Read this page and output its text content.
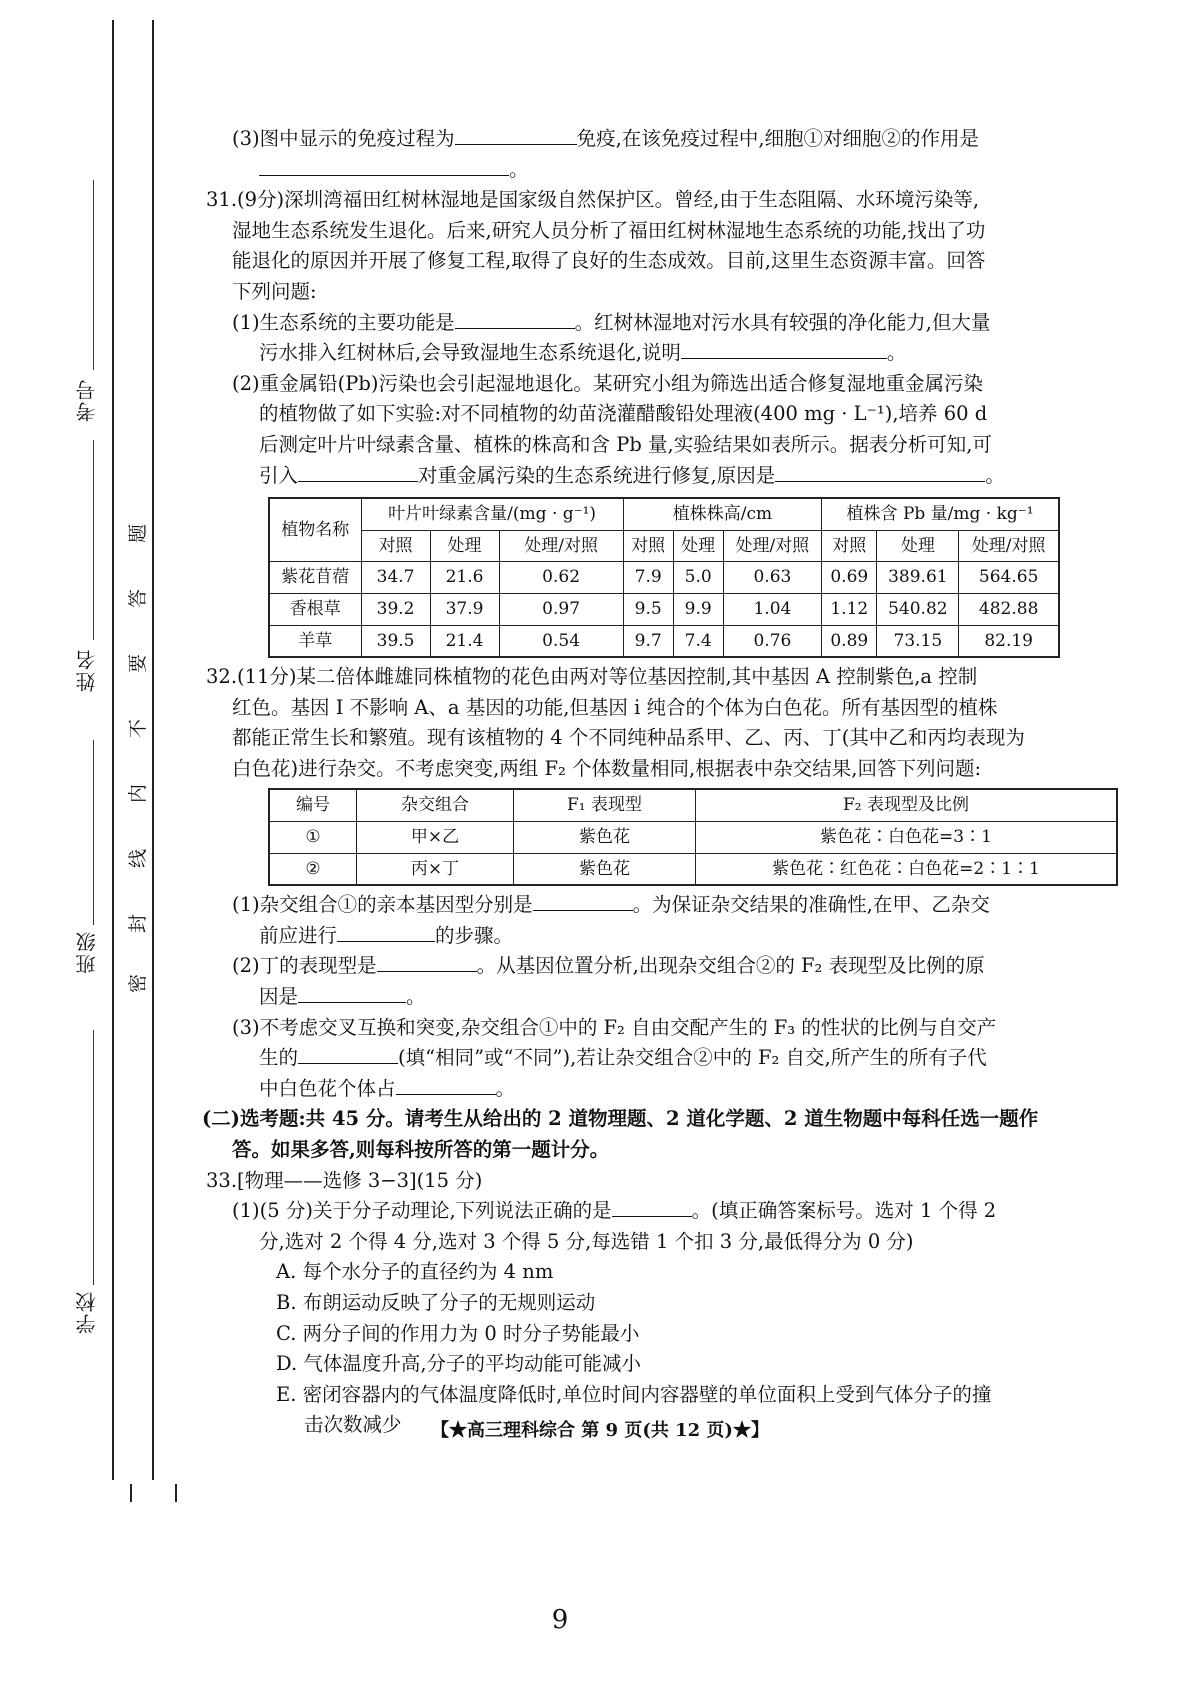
考号
姓名
班级
学校
密
封
线
内
不
要
答
题

(3)图中显示的免疫过程为	免疫,在该免疫过程中,细胞①对细胞②的作用是

。

31.(9分)深圳湾福田红树林湿地是国家级自然保护区。曾经,由于生态阻隔、水环境污染等,

湿地生态系统发生退化。后来,研究人员分析了福田红树林湿地生态系统的功能,找出了功

能退化的原因并开展了修复工程,取得了良好的生态成效。目前,这里生态资源丰富。回答

下列问题:

(1)生态系统的主要功能是	。红树林湿地对污水具有较强的净化能力,但大量

污水排入红树林后,会导致湿地生态系统退化,说明	。

(2)重金属铅(Pb)污染也会引起湿地退化。某研究小组为筛选出适合修复湿地重金属污染

的植物做了如下实验:对不同植物的幼苗浇灌醋酸铅处理液(400 mg · L⁻¹),培养 60 d

后测定叶片叶绿素含量、植株的株高和含 Pb 量,实验结果如表所示。据表分析可知,可

引入	对重金属污染的生态系统进行修复,原因是	。

植物名称	叶片叶绿素含量/(mg · g⁻¹)			植株株高/cm			植株含 Pb 量/mg · kg⁻¹		
	对照	处理	处理/对照	对照	处理	处理/对照	对照	处理	处理/对照
紫花苜蓿	34.7	21.6	0.62	7.9	5.0	0.63	0.69	389.61	564.65
香根草	39.2	37.9	0.97	9.5	9.9	1.04	1.12	540.82	482.88
羊草	39.5	21.4	0.54	9.7	7.4	0.76	0.89	73.15	82.19

32.(11分)某二倍体雌雄同株植物的花色由两对等位基因控制,其中基因 A 控制紫色,a 控制

红色。基因 I 不影响 A、a 基因的功能,但基因 i 纯合的个体为白色花。所有基因型的植株

都能正常生长和繁殖。现有该植物的 4 个不同纯种品系甲、乙、丙、丁(其中乙和丙均表现为

白色花)进行杂交。不考虑突变,两组 F₂ 个体数量相同,根据表中杂交结果,回答下列问题:

编号	杂交组合	F₁ 表现型	F₂ 表现型及比例
①	甲×乙	紫色花	紫色花∶白色花=3∶1
②	丙×丁	紫色花	紫色花∶红色花∶白色花=2∶1∶1

(1)杂交组合①的亲本基因型分别是	。为保证杂交结果的准确性,在甲、乙杂交

前应进行	的步骤。

(2)丁的表现型是	。从基因位置分析,出现杂交组合②的 F₂ 表现型及比例的原

因是	。

(3)不考虑交叉互换和突变,杂交组合①中的 F₂ 自由交配产生的 F₃ 的性状的比例与自交产

生的	(填“相同”或“不同”),若让杂交组合②中的 F₂ 自交,所产生的所有子代

中白色花个体占	。

(二)选考题:共 45 分。请考生从给出的 2 道物理题、2 道化学题、2 道生物题中每科任选一题作

答。如果多答,则每科按所答的第一题计分。

33.[物理——选修 3−3](15 分)

(1)(5 分)关于分子动理论,下列说法正确的是	。(填正确答案标号。选对 1 个得 2

分,选对 2 个得 4 分,选对 3 个得 5 分,每选错 1 个扣 3 分,最低得分为 0 分)

A. 每个水分子的直径约为 4 nm

B. 布朗运动反映了分子的无规则运动

C. 两分子间的作用力为 0 时分子势能最小

D. 气体温度升高,分子的平均动能可能减小

E. 密闭容器内的气体温度降低时,单位时间内容器壁的单位面积上受到气体分子的撞

击次数减少	【★高三理科综合 第 9 页(共 12 页)★】
9
